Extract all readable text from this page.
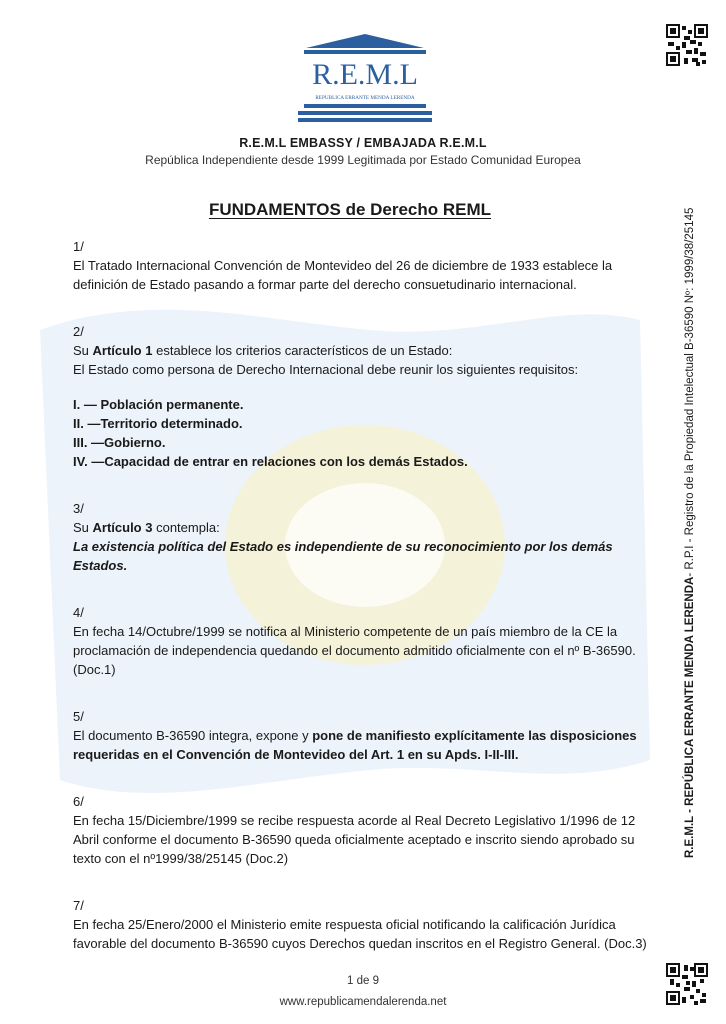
R.E.M.L
REPUBLICA ERRANTE MENDA LERENDA
R.E.M.L EMBASSY / EMBAJADA R.E.M.L
República Independiente desde 1999 Legitimada por Estado Comunidad Europea
FUNDAMENTOS de Derecho REML

1/

El Tratado Internacional Convención de Montevideo del 26 de diciembre de 1933 establece la definición de Estado pasando a formar parte del derecho consuetudinario internacional.

2/

Su Artículo 1 establece los criterios característicos de un Estado:

El Estado como persona de Derecho Internacional debe reunir los siguientes requisitos:

I. — Población permanente.

II. —Territorio determinado.

III. —Gobierno.

IV. —Capacidad de entrar en relaciones con los demás Estados.

3/

Su Artículo 3 contempla:

La existencia política del Estado es independiente de su reconocimiento por los demás Estados.

4/

En fecha 14/Octubre/1999 se notifica al Ministerio competente de un país miembro de la CE la proclamación de independencia quedando el documento admitido oficialmente con el nº B-36590. (Doc.1)

5/

El documento B-36590 integra, expone y pone de manifiesto explícitamente las disposiciones requeridas en el Convención de Montevideo del Art. 1 en su Apds. I-II-III.

6/

En fecha 15/Diciembre/1999 se recibe respuesta acorde al Real Decreto Legislativo 1/1996 de 12 Abril conforme el documento B-36590 queda oficialmente aceptado e inscrito siendo aprobado su texto con el nº1999/38/25145 (Doc.2)

7/

En fecha 25/Enero/2000 el Ministerio emite respuesta oficial notificando la calificación Jurídica favorable del documento B-36590 cuyos Derechos quedan inscritos en el Registro General. (Doc.3)

R.E.M.L - REPÚBLICA ERRANTE MENDA LERENDA- R.P.I - Registro de la Propiedad Intelectual B-36590 Nº: 1999/38/25145
1 de 9
www.republicamendalerenda.net
